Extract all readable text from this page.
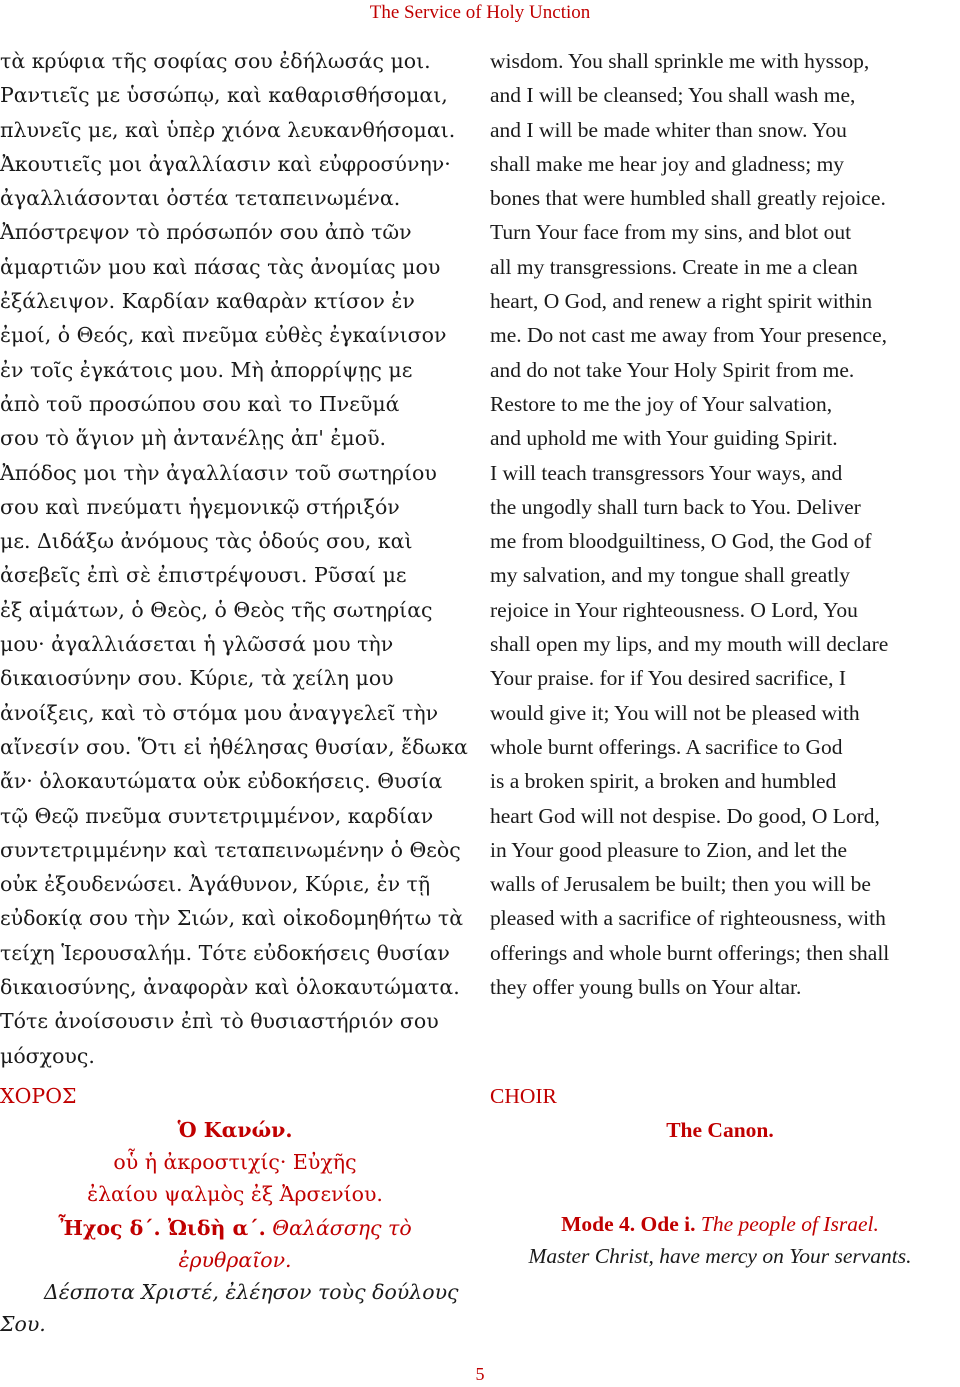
The Service of Holy Unction

τὰ κρύφια τῆς σοφίας σου ἐδήλωσάς μοι.

Ραντιεῖς με ὑσσώπῳ, καὶ καθαρισθήσομαι,

πλυνεῖς με, καὶ ὑπὲρ χιόνα λευκανθήσομαι.

Ἀκουτιεῖς μοι ἀγαλλίασιν καὶ εὐφροσύνην·

ἀγαλλιάσονται ὀστέα τεταπεινωμένα.

Ἀπόστρεψον τὸ πρόσωπόν σου ἀπὸ τῶν

ἁμαρτιῶν μου καὶ πάσας τὰς ἀνομίας μου

ἐξάλειψον. Καρδίαν καθαρὰν κτίσον ἐν

ἐμοί, ὁ Θεός, καὶ πνεῦμα εὐθὲς ἐγκαίνισον

ἐν τοῖς ἐγκάτοις μου. Μὴ ἀπορρίψῃς με

ἀπὸ τοῦ προσώπου σου καὶ το Πνεῦμά

σου τὸ ἅγιον μὴ ἀντανέλῃς ἀπ' ἐμοῦ.

Ἀπόδος μοι τὴν ἀγαλλίασιν τοῦ σωτηρίου

σου καὶ πνεύματι ἡγεμονικῷ στήριξόν

με. Διδάξω ἀνόμους τὰς ὁδούς σου, καὶ

ἀσεβεῖς ἐπὶ σὲ ἐπιστρέψουσι. Ρῦσαί με

ἐξ αἱμάτων, ὁ Θεὸς, ὁ Θεὸς τῆς σωτηρίας

μου· ἀγαλλιάσεται ἡ γλῶσσά μου τὴν

δικαιοσύνην σου. Κύριε, τὰ χείλη μου

ἀνοίξεις, καὶ τὸ στόμα μου ἀναγγελεῖ τὴν

αἴνεσίν σου. Ὅτι εἰ ἠθέλησας θυσίαν, ἔδωκα

ἄν· ὁλοκαυτώματα οὐκ εὐδοκήσεις. Θυσία

τῷ Θεῷ πνεῦμα συντετριμμένον, καρδίαν

συντετριμμένην καὶ τεταπεινωμένην ὁ Θεὸς

οὐκ ἐξουδενώσει. Ἀγάθυνον, Κύριε, ἐν τῇ

εὐδοκίᾳ σου τὴν Σιών, καὶ οἰκοδομηθήτω τὰ

τείχη Ἱερουσαλήμ. Τότε εὐδοκήσεις θυσίαν

δικαιοσύνης, ἀναφορὰν καὶ ὁλοκαυτώματα.

Τότε ἀνοίσουσιν ἐπὶ τὸ θυσιαστήριόν σου

μόσχους.

wisdom. You shall sprinkle me with hyssop,

and I will be cleansed; You shall wash me,

and I will be made whiter than snow. You

shall make me hear joy and gladness; my

bones that were humbled shall greatly rejoice.

Turn Your face from my sins, and blot out

all my transgressions. Create in me a clean

heart, O God, and renew a right spirit within

me. Do not cast me away from Your presence,

and do not take Your Holy Spirit from me.

Restore to me the joy of Your salvation,

and uphold me with Your guiding Spirit.

I will teach transgressors Your ways, and

the ungodly shall turn back to You. Deliver

me from bloodguiltiness, O God, the God of

my salvation, and my tongue shall greatly

rejoice in Your righteousness. O Lord, You

shall open my lips, and my mouth will declare

Your praise. for if You desired sacrifice, I

would give it; You will not be pleased with

whole burnt offerings. A sacrifice to God

is a broken spirit, a broken and humbled

heart God will not despise. Do good, O Lord,

in Your good pleasure to Zion, and let the

walls of Jerusalem be built; then you will be

pleased with a sacrifice of righteousness, with

offerings and whole burnt offerings; then shall

they offer young bulls on Your altar.

ΧΟΡΟΣ

Ὁ Κανών.

οὗ ἡ ἀκροστιχίς· Εὐχῆς

ἐλαίου ψαλμὸς ἐξ Ἀρσενίου.

Ἦχος δ΄. Ὠιδὴ α΄. Θαλάσσης τὸ ἐρυθραῖον.

Δέσποτα Χριστέ, ἐλέησον τοὺς δούλους

Σου.

CHOIR

The Canon.

Mode 4. Ode i. The people of Israel.

Master Christ, have mercy on Your servants.

5
